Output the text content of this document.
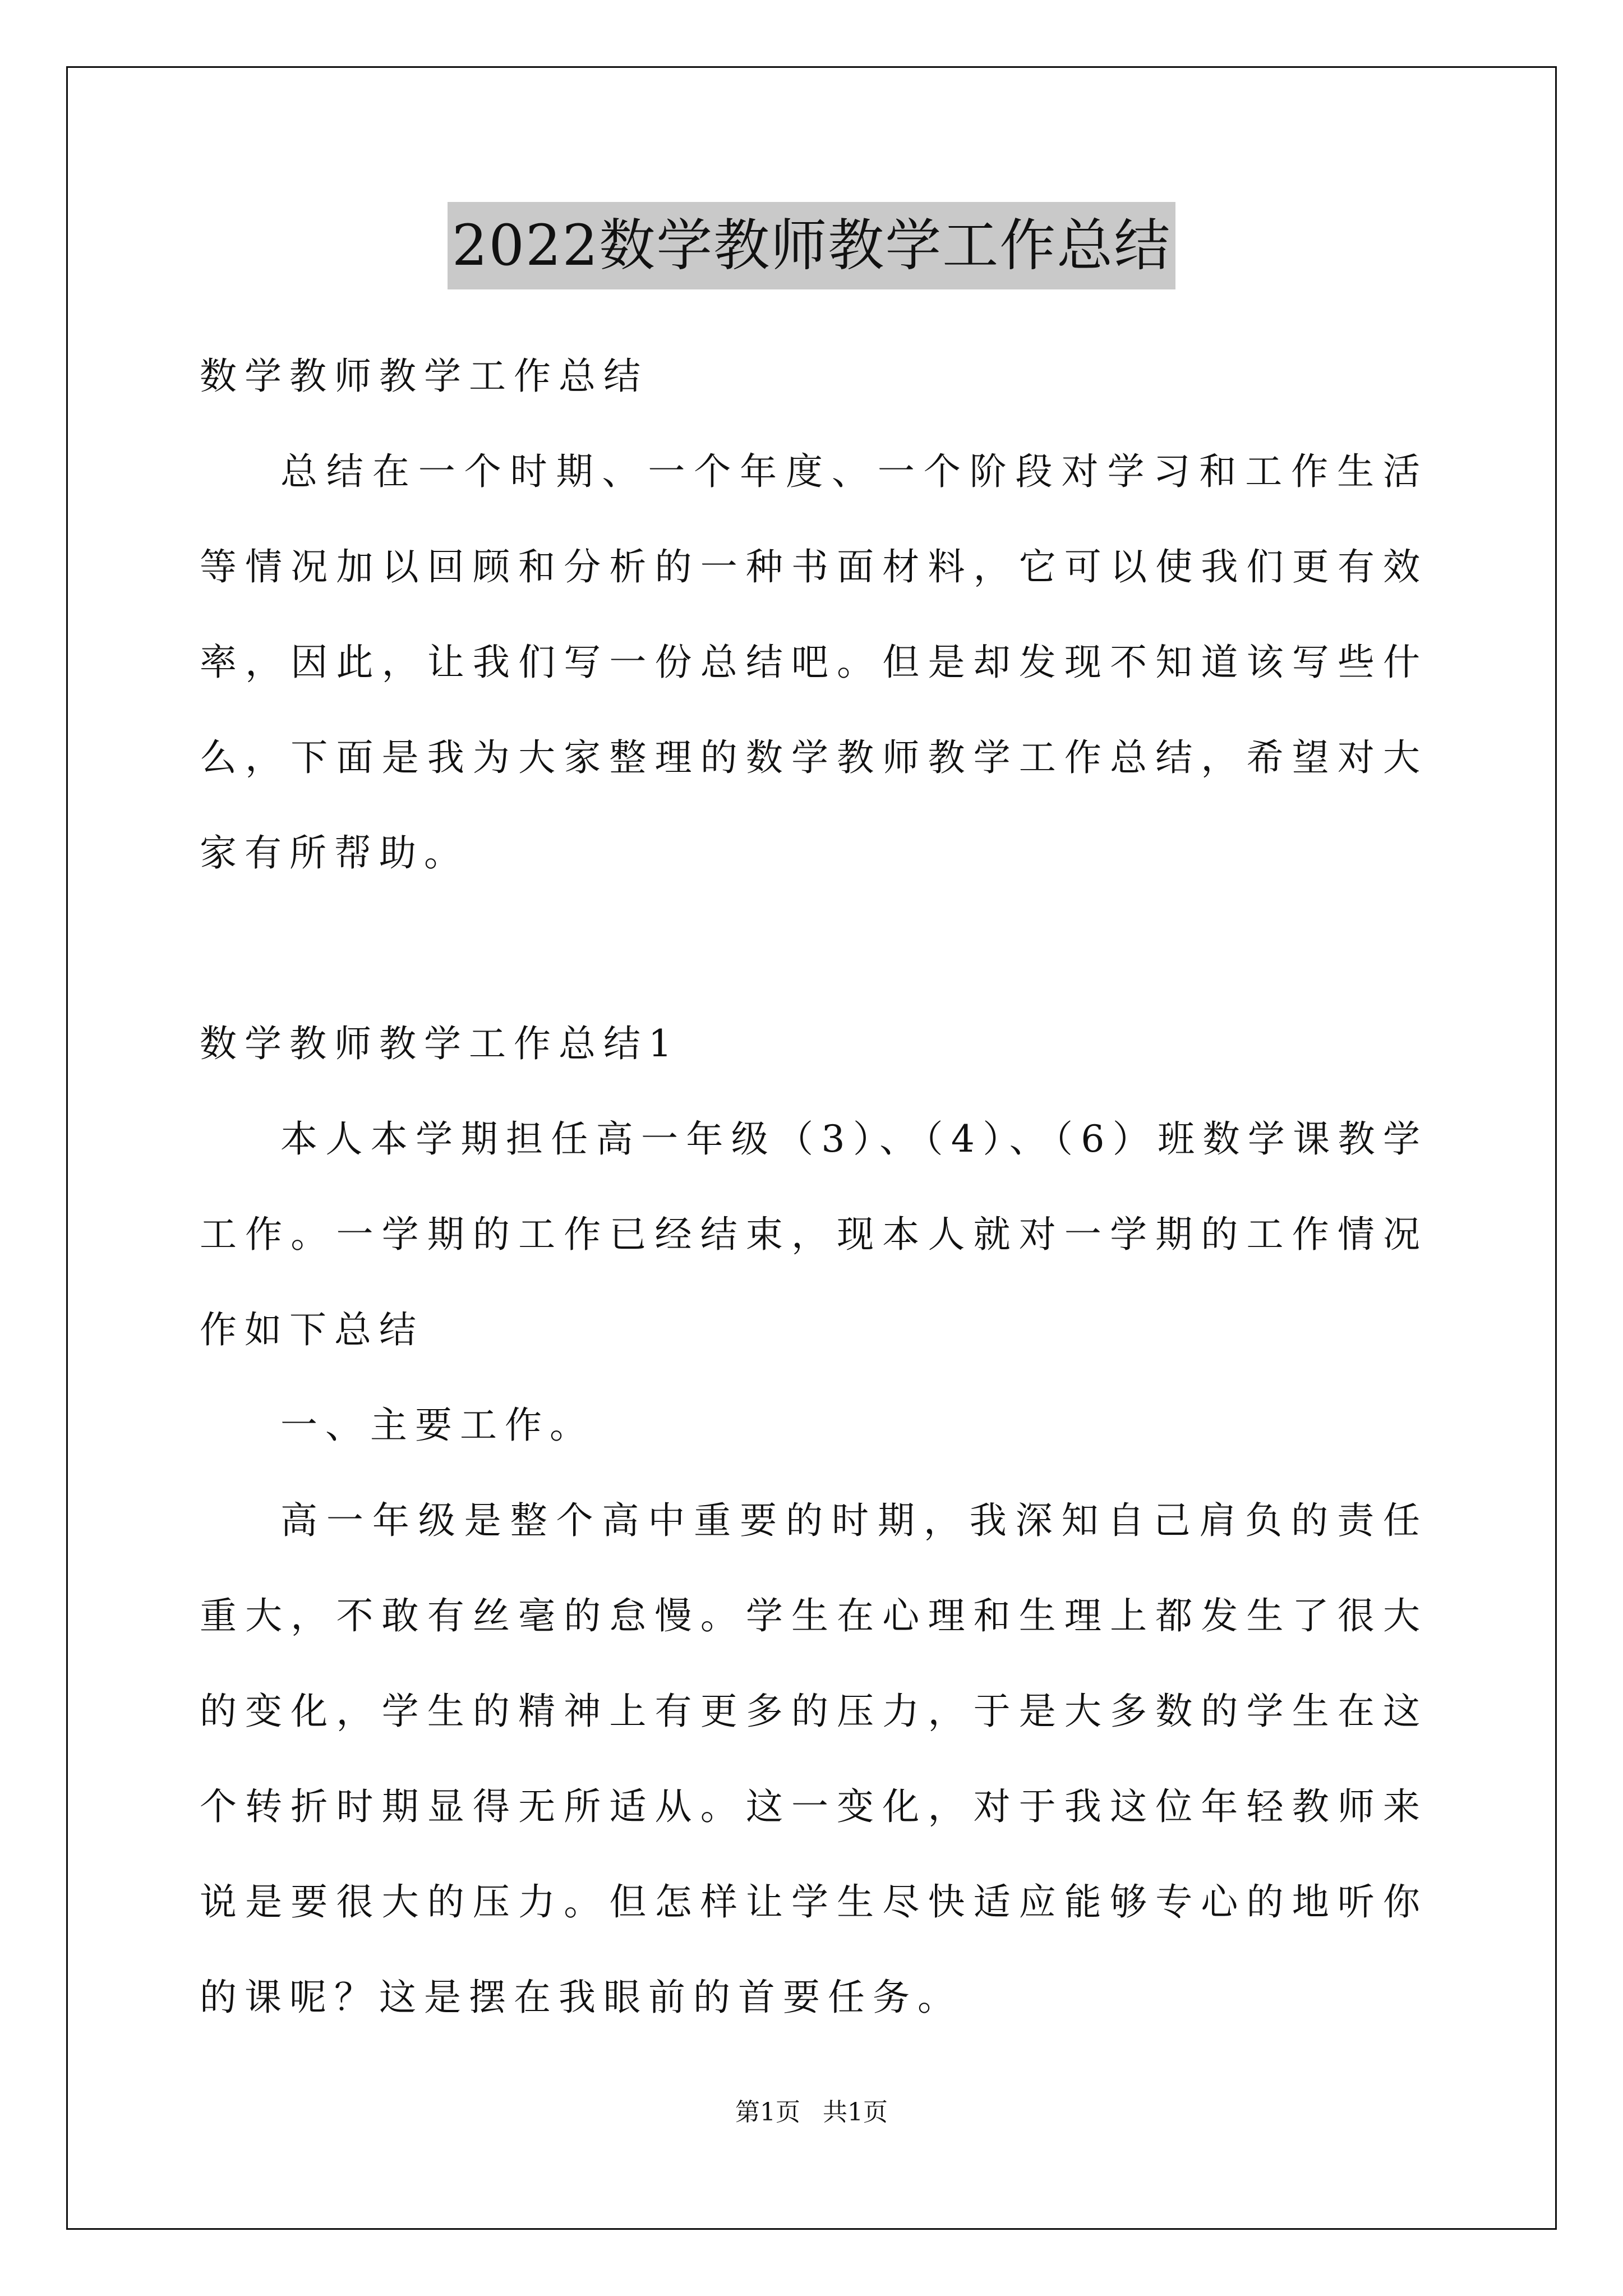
2022数学教师教学工作总结
数学教师教学工作总结

总结在一个时期、一个年度、一个阶段对学习和工作生活等情况加以回顾和分析的一种书面材料，它可以使我们更有效率，因此，让我们写一份总结吧。但是却发现不知道该写些什么，下面是我为大家整理的数学教师教学工作总结，希望对大家有所帮助。

数学教师教学工作总结1

本人本学期担任高一年级（3）、（4）、（6）班数学课教学工作。一学期的工作已经结束，现本人就对一学期的工作情况作如下总结

一、主要工作。

高一年级是整个高中重要的时期，我深知自己肩负的责任重大，不敢有丝毫的怠慢。学生在心理和生理上都发生了很大的变化，学生的精神上有更多的压力，于是大多数的学生在这个转折时期显得无所适从。这一变化，对于我这位年轻教师来说是要很大的压力。但怎样让学生尽快适应能够专心的地听你的课呢？这是摆在我眼前的首要任务。

第1页 共1页
